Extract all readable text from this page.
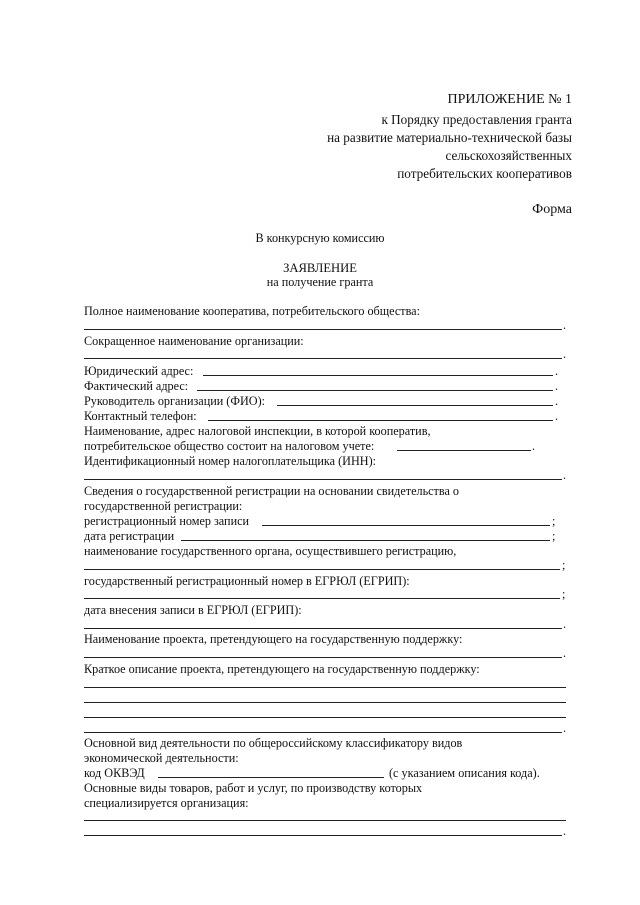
ПРИЛОЖЕНИЕ № 1
к Порядку предоставления гранта
на развитие материально-технической базы
сельскохозяйственных
потребительских кооперативов
Форма
В конкурсную комиссию
ЗАЯВЛЕНИЕ
на получение гранта
Полное наименование кооператива, потребительского общества:
.
Сокращенное наименование организации:
.
Юридический адрес:	.
Фактический адрес:	.
Руководитель организации (ФИО):	.
Контактный телефон:	.
Наименование, адрес налоговой инспекции, в которой кооператив,
потребительское общество состоит на налоговом учете:	.
Идентификационный номер налогоплательщика (ИНН):
.
Сведения о государственной регистрации на основании свидетельства о
государственной регистрации:
регистрационный номер записи	;
дата регистрации	;
наименование государственного органа, осуществившего регистрацию,
;
государственный регистрационный номер в ЕГРЮЛ (ЕГРИП):
;
дата внесения записи в ЕГРЮЛ (ЕГРИП):
.
Наименование проекта, претендующего на государственную поддержку:
.
Краткое описание проекта, претендующего на государственную поддержку:
.
Основной вид деятельности по общероссийскому классификатору видов
экономической деятельности:
код ОКВЭД	(с указанием описания кода).
Основные виды товаров, работ и услуг, по производству которых
специализируется организация:
.
